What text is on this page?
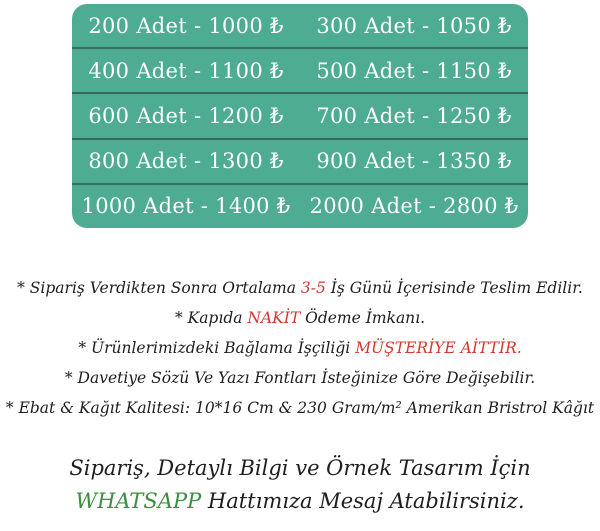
200 Adet - 1000 ₺	300 Adet - 1050 ₺
400 Adet - 1100 ₺	500 Adet - 1150 ₺
600 Adet - 1200 ₺	700 Adet - 1250 ₺
800 Adet - 1300 ₺	900 Adet - 1350 ₺
1000 Adet - 1400 ₺ 2000 Adet - 2800 ₺
* Sipariş Verdikten Sonra Ortalama 3-5 İş Günü İçerisinde Teslim Edilir.
* Kapıda NAKİT Ödeme İmkanı.
* Ürünlerimizdeki Bağlama İşçiliği MÜŞTERİYE AİTTİR.
* Davetiye Sözü Ve Yazı Fontları İsteğinize Göre Değişebilir.
* Ebat & Kağıt Kalitesi: 10*16 Cm & 230 Gram/m² Amerikan Bristrol Kâğıt
Sipariş, Detaylı Bilgi ve Örnek Tasarım İçin
WHATSAPP Hattımıza Mesaj Atabilirsiniz.
